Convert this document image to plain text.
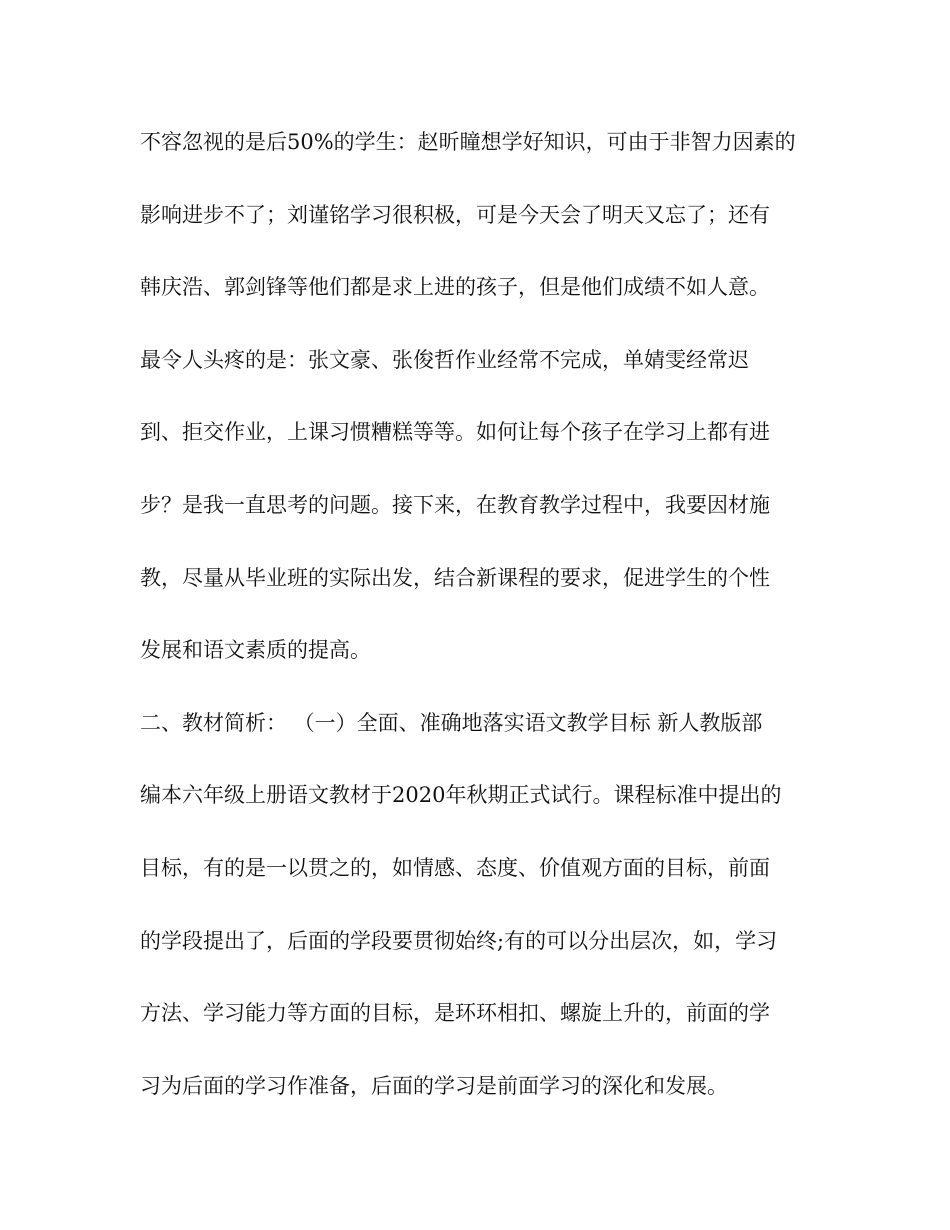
不容忽视的是后50%的学生：赵昕瞳想学好知识，可由于非智力因素的
影响进步不了；刘谨铭学习很积极，可是今天会了明天又忘了；还有
韩庆浩、郭剑锋等他们都是求上进的孩子，但是他们成绩不如人意。
最令人头疼的是：张文豪、张俊哲作业经常不完成，单婧雯经常迟
到、拒交作业，上课习惯糟糕等等。如何让每个孩子在学习上都有进
步？是我一直思考的问题。接下来，在教育教学过程中，我要因材施
教，尽量从毕业班的实际出发，结合新课程的要求，促进学生的个性
发展和语文素质的提高。
二、教材简析： （一）全面、准确地落实语文教学目标 新人教版部
编本六年级上册语文教材于2020年秋期正式试行。课程标准中提出的
目标，有的是一以贯之的，如情感、态度、价值观方面的目标，前面
的学段提出了，后面的学段要贯彻始终;有的可以分出层次，如，学习
方法、学习能力等方面的目标，是环环相扣、螺旋上升的，前面的学
习为后面的学习作准备，后面的学习是前面学习的深化和发展。
